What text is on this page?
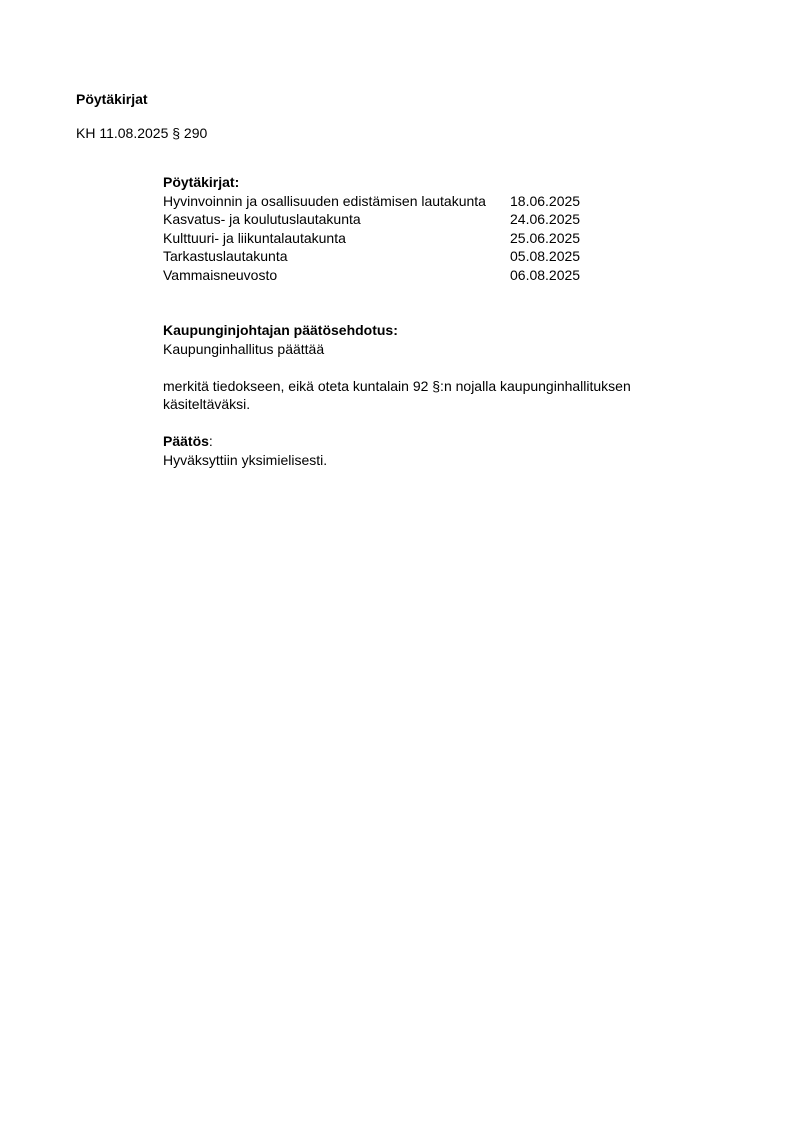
Pöytäkirjat
KH 11.08.2025 § 290
Pöytäkirjat:
Hyvinvoinnin ja osallisuuden edistämisen lautakunta	18.06.2025
Kasvatus- ja koulutuslautakunta	24.06.2025
Kulttuuri- ja liikuntalautakunta	25.06.2025
Tarkastuslautakunta	05.08.2025
Vammaisneuvosto	06.08.2025
Kaupunginjohtajan päätösehdotus:

Kaupunginhallitus päättää

merkitä tiedokseen, eikä oteta kuntalain 92 §:n nojalla kaupunginhallituksen käsiteltäväksi.

Päätös:

Hyväksyttiin yksimielisesti.
